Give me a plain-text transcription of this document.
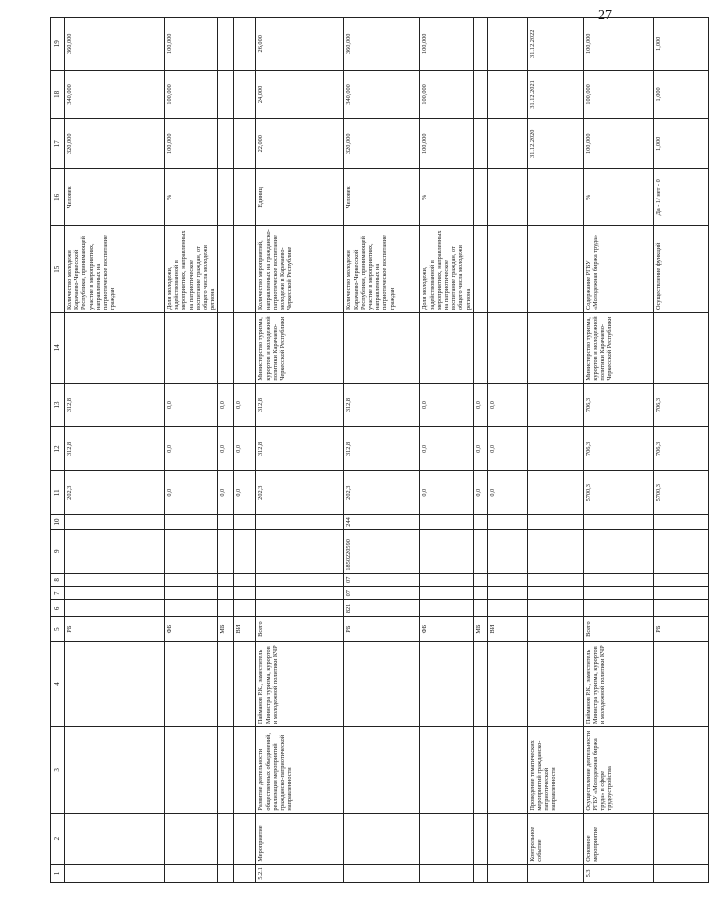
27
1	2	3	4	5	6	7	8	9	10	11	12	13	14	15	16	17	18	19
				РБ						202,3	312,8	312,8		Количество молодежи Карачаево-Черкесской Республики, принимающей участие в мероприятиях, направленных на патриотическое воспитание граждан	Человек	320,000	340,000	360,000
				ФБ						0,0	0,0	0,0		Доля молодежи, задействованной в мероприятиях, направленных на патриотическое воспитание граждан, от общего числа молодежи региона	%	100,000	100,000	100,000
				МБ						0,0	0,0	0,0						
				ВИ						0,0	0,0	0,0						
5.2.1	Мероприятие	Развитие деятельности общественных объединений, реализация мероприятий гражданско-патриотической направленности	Пайманов Р.К., заместитель Министра туризма, курортов и молодежной политики КЧР	Всего						202,3	312,8	312,8	Министерство туризма, курортов и молодежной политики Карачаево-Черкесской Республики	Количество мероприятий, направленных на гражданско-патриотическое воспитание молодежи в Карачаево-Черкесской Республике	Единиц	22,000	24,000	26,000
				РБ	821	07	07	1850220590	244	202,3	312,8	312,8		Количество молодежи Карачаево-Черкесской Республики, принимающей участие в мероприятиях, направленных на патриотическое воспитание граждан	Человек	320,000	340,000	360,000
				ФБ						0,0	0,0	0,0		Доля молодежи, задействованной в мероприятиях, направленных на патриотическое воспитание граждан, от общего числа молодежи региона	%	100,000	100,000	100,000
				МБ						0,0	0,0	0,0						
				ВИ						0,0	0,0	0,0						
	Контрольное событие	Проведение тематических мероприятий гражданско-патриотической направленности														31.12.2020	31.12.2021	31.12.2022
5.3	Основное мероприятие	Осуществление деятельности РГБУ «Молодежная биржа труда» в сфере трудоустройства	Пайманов Р.К., заместитель Министра туризма, курортов и молодежной политики КЧР	Всего						5700,3	706,3	706,3	Министерство туризма, курортов и молодежной политики Карачаево-Черкесской Республики	Содержание РГБУ «Молодежная биржа труда»	%	100,000	100,000	100,000
				РБ						5700,3	706,3	706,3		Осуществление функций	Да - 1/ нет - 0	1,000	1,000	1,000
